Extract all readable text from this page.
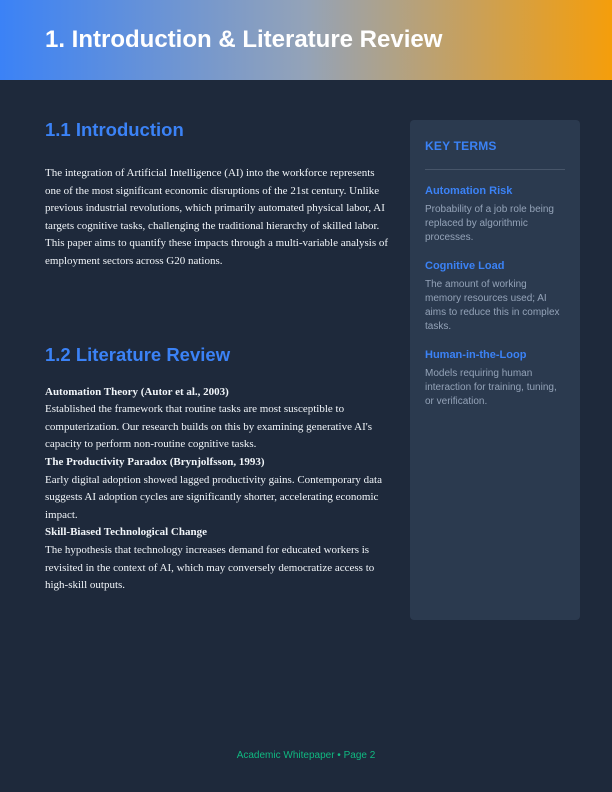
1. Introduction & Literature Review
1.1 Introduction

The integration of Artificial Intelligence (AI) into the workforce represents one of the most significant economic disruptions of the 21st century. Unlike previous industrial revolutions, which primarily automated physical labor, AI targets cognitive tasks, challenging the traditional hierarchy of skilled labor.

This paper aims to quantify these impacts through a multi-variable analysis of employment sectors across G20 nations.

1.2 Literature Review

Automation Theory (Autor et al., 2003)

Established the framework that routine tasks are most susceptible to computerization. Our research builds on this by examining generative AI's capacity to perform non-routine cognitive tasks.

The Productivity Paradox (Brynjolfsson, 1993)

Early digital adoption showed lagged productivity gains. Contemporary data suggests AI adoption cycles are significantly shorter, accelerating economic impact.

Skill-Biased Technological Change

The hypothesis that technology increases demand for educated workers is revisited in the context of AI, which may conversely democratize access to high-skill outputs.

KEY TERMS
Automation Risk
Probability of a job role being replaced by algorithmic processes.
Cognitive Load
The amount of working memory resources used; AI aims to reduce this in complex tasks.
Human-in-the-Loop
Models requiring human interaction for training, tuning, or verification.
Academic Whitepaper • Page 2
